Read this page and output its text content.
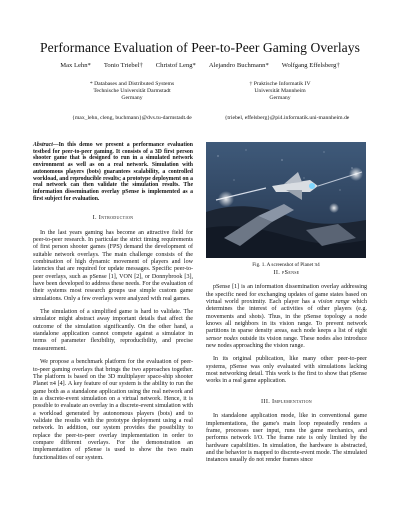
Performance Evaluation of Peer-to-Peer Gaming Overlays
Max Lehn* Tonio Triebel† Christof Leng* Alejandro Buchmann* Wolfgang Effelsberg†
* Databases and Distributed Systems
Technische Universität Darmstadt
Germany
† Praktische Informatik IV
Universität Mannheim
Germany
{max_lehn, cleng, buchmann}@dvs.tu-darmstadt.de	{triebel, effelsberg}@pi4.informatik.uni-mannheim.de
Abstract—In this demo we present a performance evaluation testbed for peer-to-peer gaming. It consists of a 3D first person shooter game that is designed to run in a simulated network environment as well as on a real network. Simulation with autonomous players (bots) guarantees scalability, a controlled workload, and reproducible results; a prototype deployment on a real network can then validate the simulation results. The information dissemination overlay pSense is implemented as a first subject for evaluation.
I. Introduction

In the last years gaming has become an attractive field for peer-to-peer research. In particular the strict timing requirements of first person shooter games (FPS) demand the development of suitable network overlays. The main challenge consists of the combination of high dynamic movement of players and low latencies that are required for update messages. Specific peer-to-peer overlays, such as pSense [1], VON [2], or Donnybrook [3], have been developed to address these needs. For the evaluation of their systems most research groups use simple custom game simulations. Only a few overlays were analyzed with real games.

The simulation of a simplified game is hard to validate. The simulator might abstract away important details that affect the outcome of the simulation significantly. On the other hand, a standalone application cannot compete against a simulator in terms of parameter flexibility, reproducibility, and precise measurement.

We propose a benchmark platform for the evaluation of peer-to-peer gaming overlays that brings the two approaches together. The platform is based on the 3D multiplayer space-ship shooter Planet π4 [4]. A key feature of our system is the ability to run the game both as a standalone application using the real network and in a discrete-event simulation on a virtual network. Hence, it is possible to evaluate an overlay in a discrete-event simulation with a workload generated by autonomous players (bots) and to validate the results with the prototype deployment using a real network. In addition, our system provides the possibility to replace the peer-to-peer overlay implementation in order to compare different overlays. For the demonstration an implementation of pSense is used to show the two main functionalities of our system.

Fig. 1. A screenshot of Planet π4
II. pSense

pSense [1] is an information dissemination overlay addressing the specific need for exchanging updates of game states based on virtual world proximity. Each player has a vision range which determines the interest of activities of other players (e.g. movements and shots). Thus, in the pSense topology a node knows all neighbors in its vision range. To prevent network partitions in sparse density areas, each node keeps a list of eight sensor nodes outside its vision range. These nodes also introduce new nodes approaching the vision range.

In its original publication, like many other peer-to-peer systems, pSense was only evaluated with simulations lacking most networking detail. This work is the first to show that pSense works in a real game application.

III. Implementation

In standalone application mode, like in conventional game implementations, the game's main loop repeatedly renders a frame, processes user input, runs the game mechanics, and performs network I/O. The frame rate is only limited by the hardware capabilities. In simulation, the hardware is abstracted, and the behavior is mapped to discrete-event mode. The simulated instances usually do not render frames since
